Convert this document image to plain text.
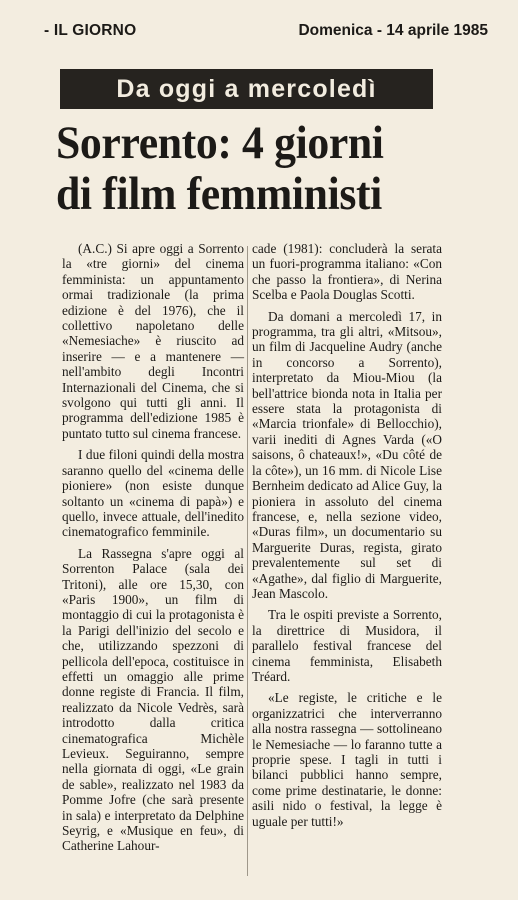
- IL GIORNO	Domenica - 14 aprile 1985
Da oggi a mercoledì
Sorrento: 4 giorni
di film femministi

(A.C.) Si apre oggi a Sorrento la «tre giorni» del cinema femminista: un appuntamento ormai tradizionale (la prima edizione è del 1976), che il collettivo napoletano delle «Nemesiache» è riuscito ad inserire — e a mantenere — nell'ambito degli Incontri Internazionali del Cinema, che si svolgono qui tutti gli anni. Il programma dell'edizione 1985 è puntato tutto sul cinema francese.

I due filoni quindi della mostra saranno quello del «cinema delle pioniere» (non esiste dunque soltanto un «cinema di papà») e quello, invece attuale, dell'inedito cinematografico femminile.

La Rassegna s'apre oggi al Sorrenton Palace (sala dei Tritoni), alle ore 15,30, con «Paris 1900», un film di montaggio di cui la protagonista è la Parigi dell'inizio del secolo e che, utilizzando spezzoni di pellicola dell'epoca, costituisce in effetti un omaggio alle prime donne registe di Francia. Il film, realizzato da Nicole Vedrès, sarà introdotto dalla critica cinematografica Michèle Levieux. Seguiranno, sempre nella giornata di oggi, «Le grain de sable», realizzato nel 1983 da Pomme Jofre (che sarà presente in sala) e interpretato da Delphine Seyrig, e «Musique en feu», di Catherine Lahour-

cade (1981): concluderà la serata un fuori-programma italiano: «Con che passo la frontiera», di Nerina Scelba e Paola Douglas Scotti.

Da domani a mercoledì 17, in programma, tra gli altri, «Mitsou», un film di Jacqueline Audry (anche in concorso a Sorrento), interpretato da Miou-Miou (la bell'attrice bionda nota in Italia per essere stata la protagonista di «Marcia trionfale» di Bellocchio), varii inediti di Agnes Varda («O saisons, ô chateaux!», «Du côté de la côte»), un 16 mm. di Nicole Lise Bernheim dedicato ad Alice Guy, la pioniera in assoluto del cinema francese, e, nella sezione video, «Duras film», un documentario su Marguerite Duras, regista, girato prevalentemente sul set di «Agathe», dal figlio di Marguerite, Jean Mascolo.

Tra le ospiti previste a Sorrento, la direttrice di Musidora, il parallelo festival francese del cinema femminista, Elisabeth Tréard.

«Le registe, le critiche e le organizzatrici che interverranno alla nostra rassegna — sottolineano le Nemesiache — lo faranno tutte a proprie spese. I tagli in tutti i bilanci pubblici hanno sempre, come prime destinatarie, le donne: asili nido o festival, la legge è uguale per tutti!»
